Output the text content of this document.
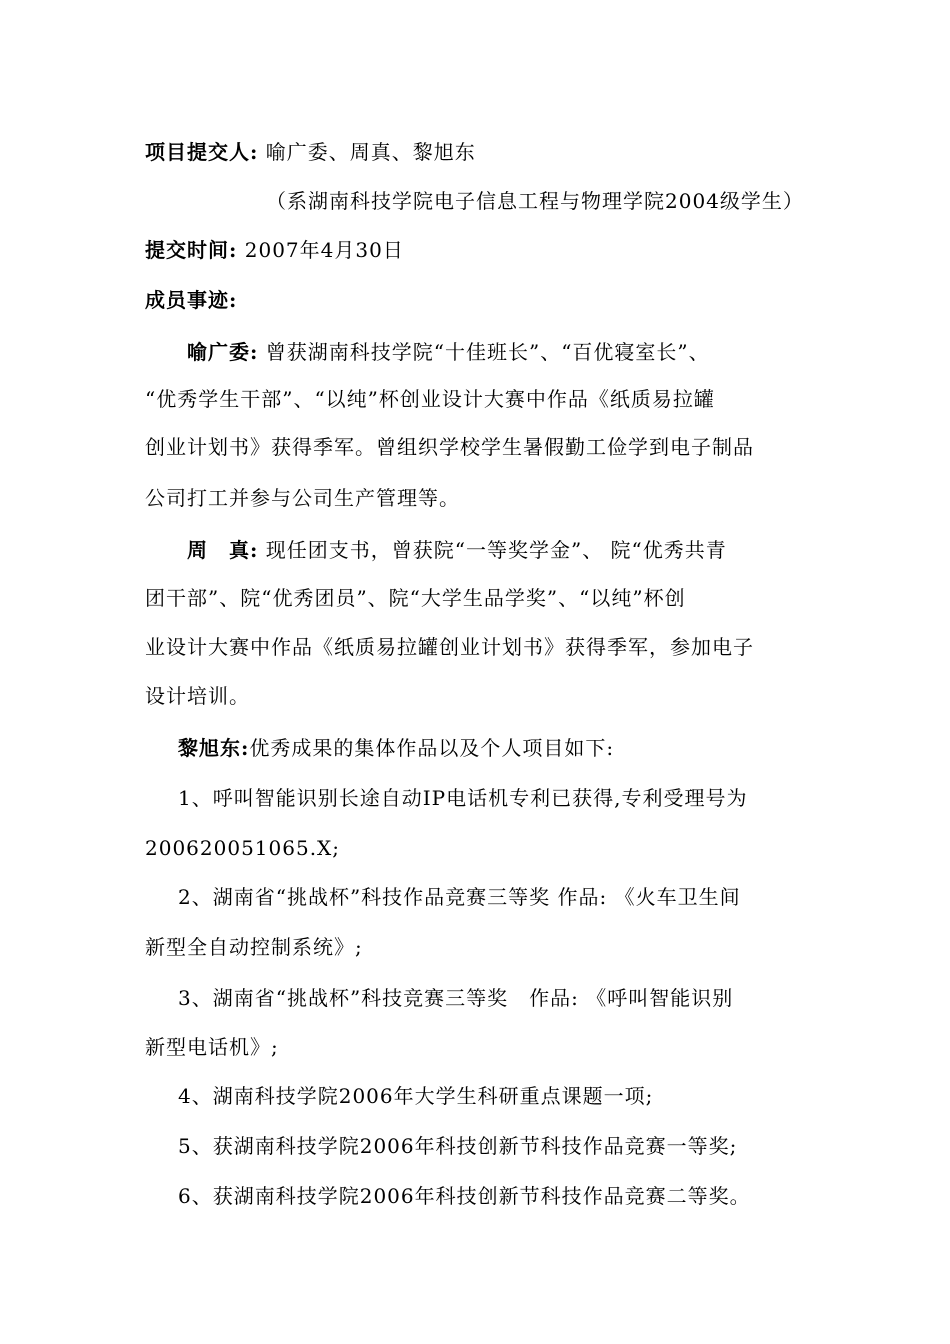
项目提交人: 喻广委、周真、黎旭东
（系湖南科技学院电子信息工程与物理学院2004级学生）
提交时间: 2007年4月30日
成员事迹:
喻广委: 曾获湖南科技学院“十佳班长”、“百优寝室长”、
“优秀学生干部”、“以纯”杯创业设计大赛中作品《纸质易拉罐
创业计划书》获得季军。曾组织学校学生暑假勤工俭学到电子制品
公司打工并参与公司生产管理等。
周　真: 现任团支书，曾获院“一等奖学金”、 院“优秀共青
团干部”、院“优秀团员”、院“大学生品学奖”、“以纯”杯创
业设计大赛中作品《纸质易拉罐创业计划书》获得季军，参加电子
设计培训。
黎旭东:优秀成果的集体作品以及个人项目如下:
1、呼叫智能识别长途自动IP电话机专利已获得,专利受理号为
200620051065.X;
2、湖南省“挑战杯”科技作品竞赛三等奖 作品: 《火车卫生间
新型全自动控制系统》;
3、湖南省“挑战杯”科技竞赛三等奖　作品: 《呼叫智能识别
新型电话机》;
4、湖南科技学院2006年大学生科研重点课题一项;
5、获湖南科技学院2006年科技创新节科技作品竞赛一等奖;
6、获湖南科技学院2006年科技创新节科技作品竞赛二等奖。
